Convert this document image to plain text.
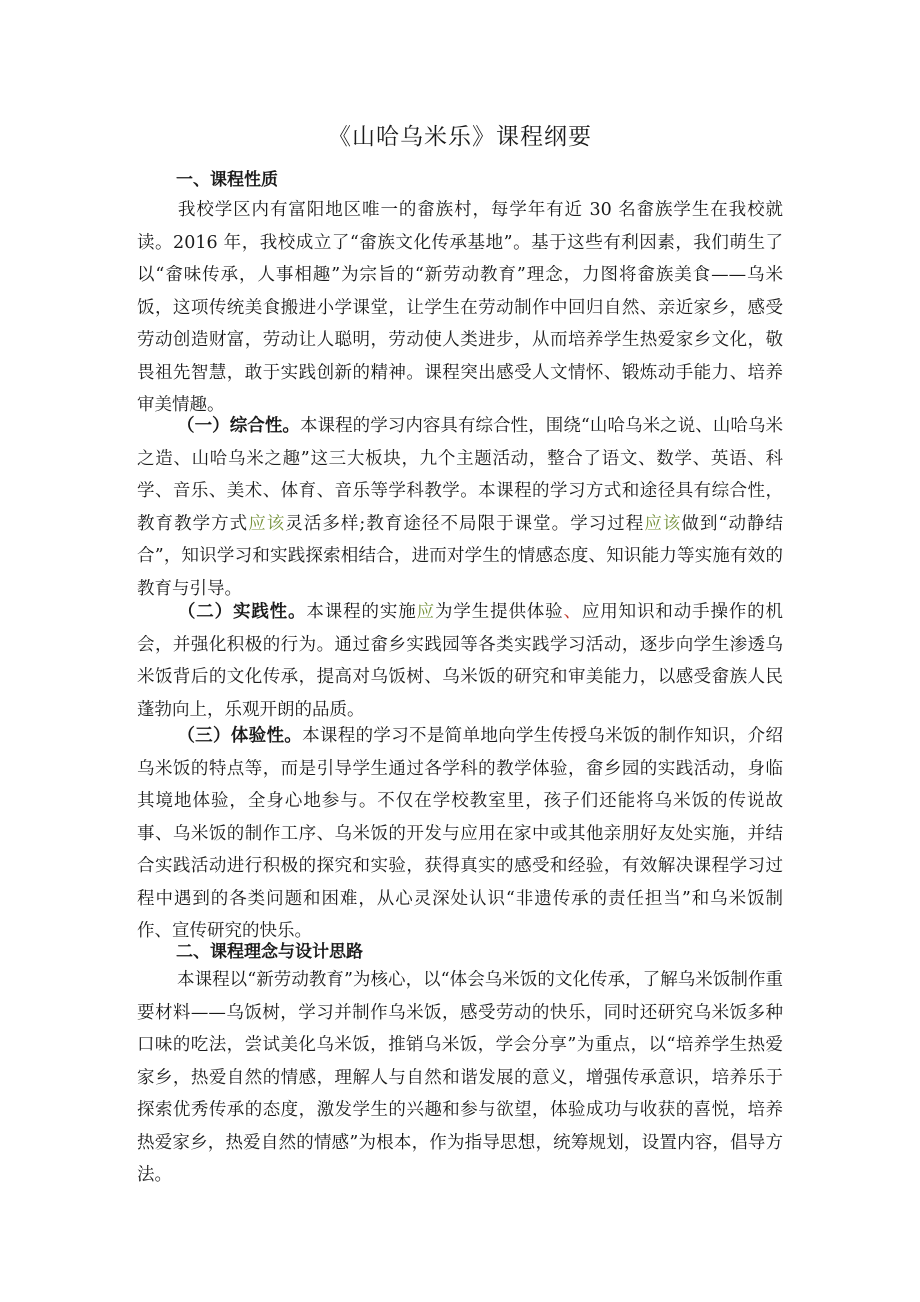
《山哈乌米乐》课程纲要
一、课程性质
我校学区内有富阳地区唯一的畲族村，每学年有近 30 名畲族学生在我校就读。2016 年，我校成立了“畲族文化传承基地”。基于这些有利因素，我们萌生了以“畲味传承，人事相趣”为宗旨的“新劳动教育”理念，力图将畲族美食——乌米饭，这项传统美食搬进小学课堂，让学生在劳动制作中回归自然、亲近家乡，感受劳动创造财富，劳动让人聪明，劳动使人类进步，从而培养学生热爱家乡文化，敬畏祖先智慧，敢于实践创新的精神。课程突出感受人文情怀、锻炼动手能力、培养审美情趣。
（一）综合性。本课程的学习内容具有综合性，围绕“山哈乌米之说、山哈乌米之造、山哈乌米之趣”这三大板块，九个主题活动，整合了语文、数学、英语、科学、音乐、美术、体育、音乐等学科教学。本课程的学习方式和途径具有综合性，教育教学方式应该灵活多样;教育途径不局限于课堂。学习过程应该做到“动静结合”，知识学习和实践探索相结合，进而对学生的情感态度、知识能力等实施有效的教育与引导。
（二）实践性。本课程的实施应为学生提供体验、应用知识和动手操作的机会，并强化积极的行为。通过畲乡实践园等各类实践学习活动，逐步向学生渗透乌米饭背后的文化传承，提高对乌饭树、乌米饭的研究和审美能力，以感受畲族人民蓬勃向上，乐观开朗的品质。
（三）体验性。本课程的学习不是简单地向学生传授乌米饭的制作知识，介绍乌米饭的特点等，而是引导学生通过各学科的教学体验，畲乡园的实践活动，身临其境地体验，全身心地参与。不仅在学校教室里，孩子们还能将乌米饭的传说故事、乌米饭的制作工序、乌米饭的开发与应用在家中或其他亲朋好友处实施，并结合实践活动进行积极的探究和实验，获得真实的感受和经验，有效解决课程学习过程中遇到的各类问题和困难，从心灵深处认识“非遗传承的责任担当”和乌米饭制作、宣传研究的快乐。
二、课程理念与设计思路
本课程以“新劳动教育”为核心，以“体会乌米饭的文化传承，了解乌米饭制作重要材料——乌饭树，学习并制作乌米饭，感受劳动的快乐，同时还研究乌米饭多种口味的吃法，尝试美化乌米饭，推销乌米饭，学会分享”为重点，以“培养学生热爱家乡，热爱自然的情感，理解人与自然和谐发展的意义，增强传承意识，培养乐于探索优秀传承的态度，激发学生的兴趣和参与欲望，体验成功与收获的喜悦，培养热爱家乡，热爱自然的情感”为根本，作为指导思想，统筹规划，设置内容，倡导方法。
